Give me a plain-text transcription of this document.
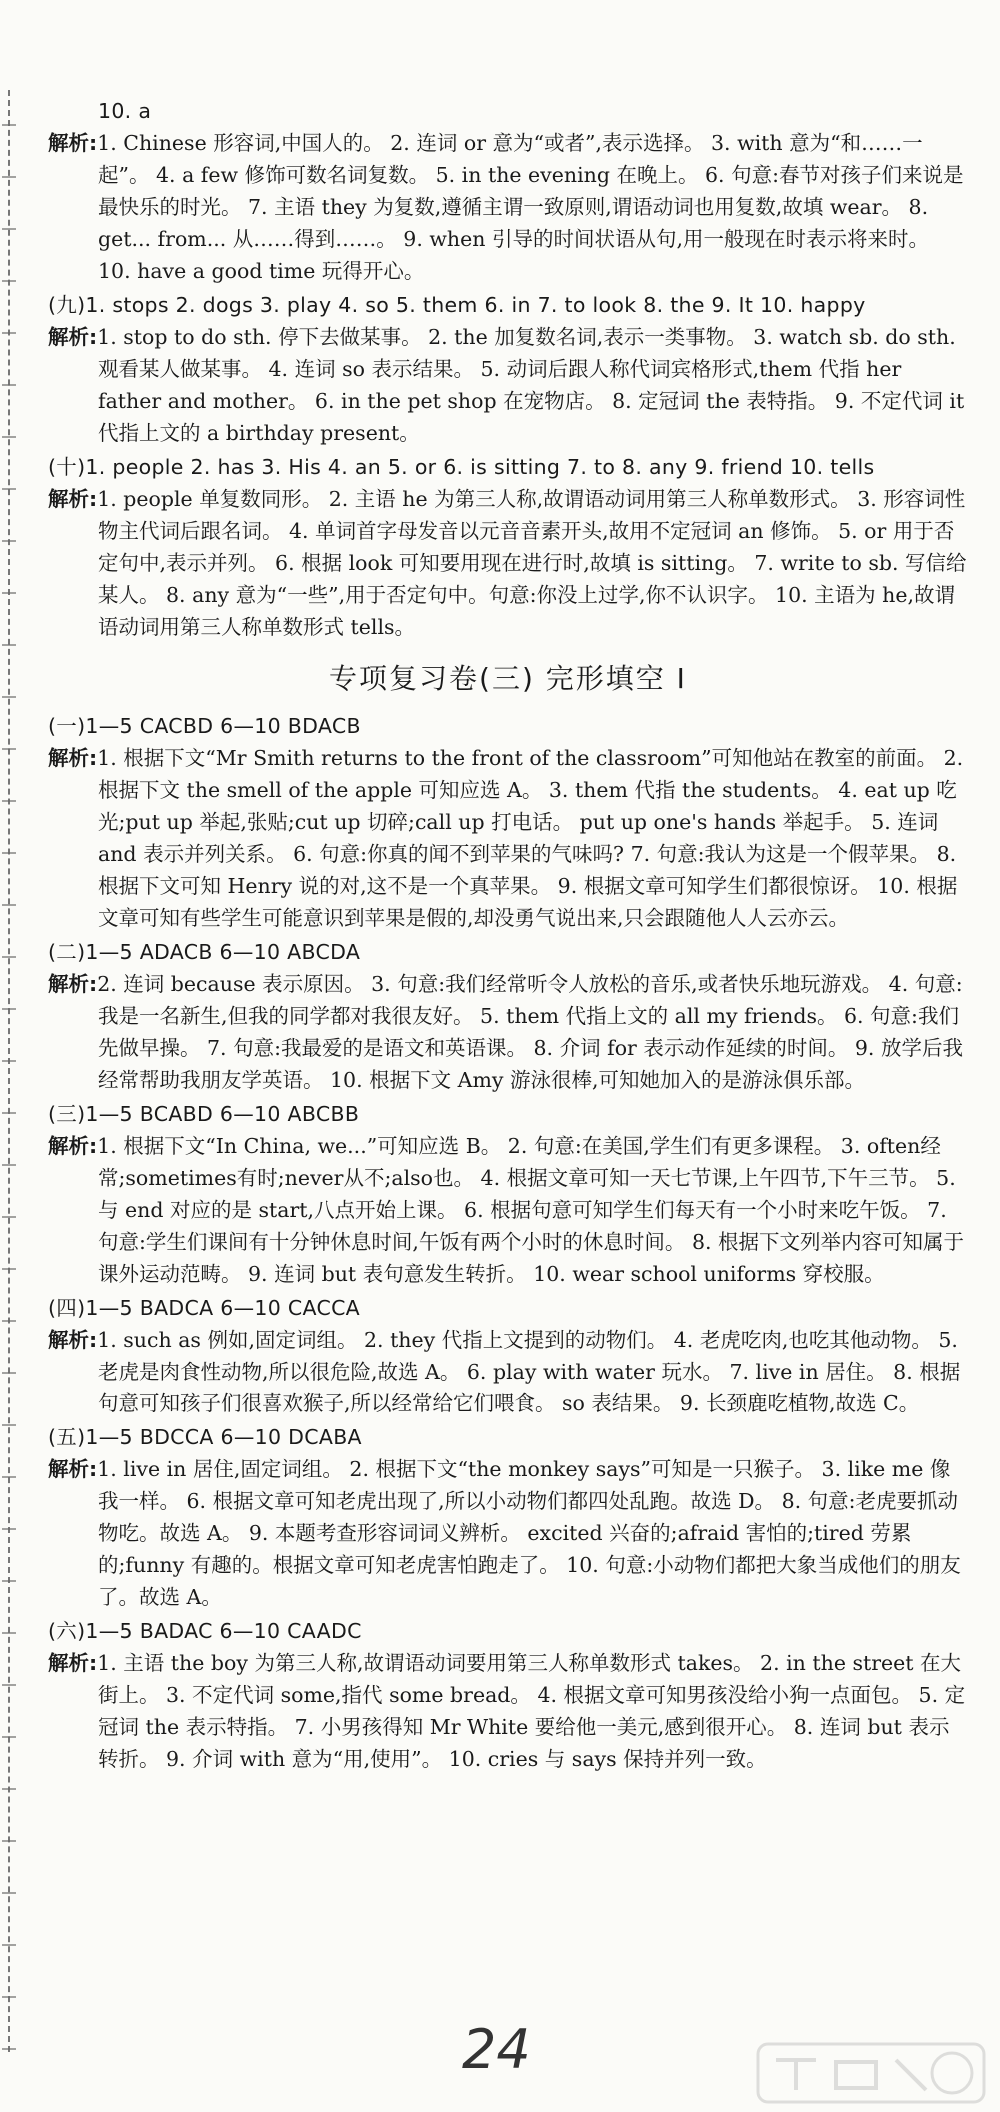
10. a

解析:1. Chinese 形容词,中国人的。 2. 连词 or 意为“或者”,表示选择。 3. with 意为“和……一起”。 4. a few 修饰可数名词复数。 5. in the evening 在晚上。 6. 句意:春节对孩子们来说是最快乐的时光。 7. 主语 they 为复数,遵循主谓一致原则,谓语动词也用复数,故填 wear。 8. get... from... 从……得到……。 9. when 引导的时间状语从句,用一般现在时表示将来时。 10. have a good time 玩得开心。

(九)1. stops 2. dogs 3. play 4. so 5. them 6. in 7. to look 8. the 9. It 10. happy

解析:1. stop to do sth. 停下去做某事。 2. the 加复数名词,表示一类事物。 3. watch sb. do sth. 观看某人做某事。 4. 连词 so 表示结果。 5. 动词后跟人称代词宾格形式,them 代指 her father and mother。 6. in the pet shop 在宠物店。 8. 定冠词 the 表特指。 9. 不定代词 it 代指上文的 a birthday present。

(十)1. people 2. has 3. His 4. an 5. or 6. is sitting 7. to 8. any 9. friend 10. tells

解析:1. people 单复数同形。 2. 主语 he 为第三人称,故谓语动词用第三人称单数形式。 3. 形容词性物主代词后跟名词。 4. 单词首字母发音以元音音素开头,故用不定冠词 an 修饰。 5. or 用于否定句中,表示并列。 6. 根据 look 可知要用现在进行时,故填 is sitting。 7. write to sb. 写信给某人。 8. any 意为“一些”,用于否定句中。句意:你没上过学,你不认识字。 10. 主语为 he,故谓语动词用第三人称单数形式 tells。

专项复习卷(三) 完形填空 I

(一)1—5 CACBD 6—10 BDACB

解析:1. 根据下文“Mr Smith returns to the front of the classroom”可知他站在教室的前面。 2. 根据下文 the smell of the apple 可知应选 A。 3. them 代指 the students。 4. eat up 吃光;put up 举起,张贴;cut up 切碎;call up 打电话。 put up one's hands 举起手。 5. 连词 and 表示并列关系。 6. 句意:你真的闻不到苹果的气味吗? 7. 句意:我认为这是一个假苹果。 8. 根据下文可知 Henry 说的对,这不是一个真苹果。 9. 根据文章可知学生们都很惊讶。 10. 根据文章可知有些学生可能意识到苹果是假的,却没勇气说出来,只会跟随他人人云亦云。

(二)1—5 ADACB 6—10 ABCDA

解析:2. 连词 because 表示原因。 3. 句意:我们经常听令人放松的音乐,或者快乐地玩游戏。 4. 句意:我是一名新生,但我的同学都对我很友好。 5. them 代指上文的 all my friends。 6. 句意:我们先做早操。 7. 句意:我最爱的是语文和英语课。 8. 介词 for 表示动作延续的时间。 9. 放学后我经常帮助我朋友学英语。 10. 根据下文 Amy 游泳很棒,可知她加入的是游泳俱乐部。

(三)1—5 BCABD 6—10 ABCBB

解析:1. 根据下文“In China, we...”可知应选 B。 2. 句意:在美国,学生们有更多课程。 3. often经常;sometimes有时;never从不;also也。 4. 根据文章可知一天七节课,上午四节,下午三节。 5. 与 end 对应的是 start,八点开始上课。 6. 根据句意可知学生们每天有一个小时来吃午饭。 7. 句意:学生们课间有十分钟休息时间,午饭有两个小时的休息时间。 8. 根据下文列举内容可知属于课外运动范畴。 9. 连词 but 表句意发生转折。 10. wear school uniforms 穿校服。

(四)1—5 BADCA 6—10 CACCA

解析:1. such as 例如,固定词组。 2. they 代指上文提到的动物们。 4. 老虎吃肉,也吃其他动物。 5. 老虎是肉食性动物,所以很危险,故选 A。 6. play with water 玩水。 7. live in 居住。 8. 根据句意可知孩子们很喜欢猴子,所以经常给它们喂食。 so 表结果。 9. 长颈鹿吃植物,故选 C。

(五)1—5 BDCCA 6—10 DCABA

解析:1. live in 居住,固定词组。 2. 根据下文“the monkey says”可知是一只猴子。 3. like me 像我一样。 6. 根据文章可知老虎出现了,所以小动物们都四处乱跑。故选 D。 8. 句意:老虎要抓动物吃。故选 A。 9. 本题考查形容词词义辨析。 excited 兴奋的;afraid 害怕的;tired 劳累的;funny 有趣的。根据文章可知老虎害怕跑走了。 10. 句意:小动物们都把大象当成他们的朋友了。故选 A。

(六)1—5 BADAC 6—10 CAADC

解析:1. 主语 the boy 为第三人称,故谓语动词要用第三人称单数形式 takes。 2. in the street 在大街上。 3. 不定代词 some,指代 some bread。 4. 根据文章可知男孩没给小狗一点面包。 5. 定冠词 the 表示特指。 7. 小男孩得知 Mr White 要给他一美元,感到很开心。 8. 连词 but 表示转折。 9. 介词 with 意为“用,使用”。 10. cries 与 says 保持并列一致。

24
